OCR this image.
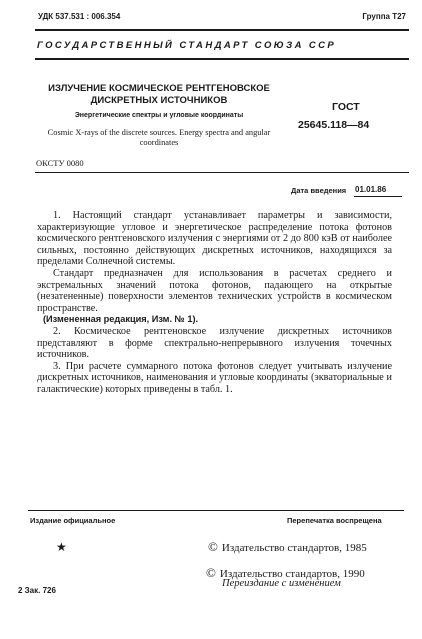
УДК 537.531 : 006.354	Группа Т27
ГОСУДАРСТВЕННЫЙ СТАНДАРТ СОЮЗА ССР
ИЗЛУЧЕНИЕ КОСМИЧЕСКОЕ РЕНТГЕНОВСКОЕ ДИСКРЕТНЫХ ИСТОЧНИКОВ
Энергетические спектры и угловые координаты
Cosmic X-rays of the discrete sources. Energy spectra and angular coordinates
ГОСТ
25645.118—84
ОКСТУ 0080
Дата введения 01.01.86

1. Настоящий стандарт устанавливает параметры и зависимости, характеризующие угловое и энергетическое распределение потока фотонов космического рентгеновского излучения с энергиями от 2 до 800 кэВ от наиболее сильных, постоянно действующих дискретных источников, находящихся за пределами Солнечной системы.

Стандарт предназначен для использования в расчетах среднего и экстремальных значений потока фотонов, падающего на открытые (незатененные) поверхности элементов технических устройств в космическом пространстве.

(Измененная редакция, Изм. № 1).

2. Космическое рентгеновское излучение дискретных источников представляют в форме спектрально-непрерывного излучения точечных источников.

3. При расчете суммарного потока фотонов следует учитывать излучение дискретных источников, наименования и угловые координаты (экваториальные и галактические) которых приведены в табл. 1.

Издание официальное	Перепечатка воспрещена
★	© Издательство стандартов, 1985
© Издательство стандартов, 1990
Переиздание с изменением
2 Зак. 726
